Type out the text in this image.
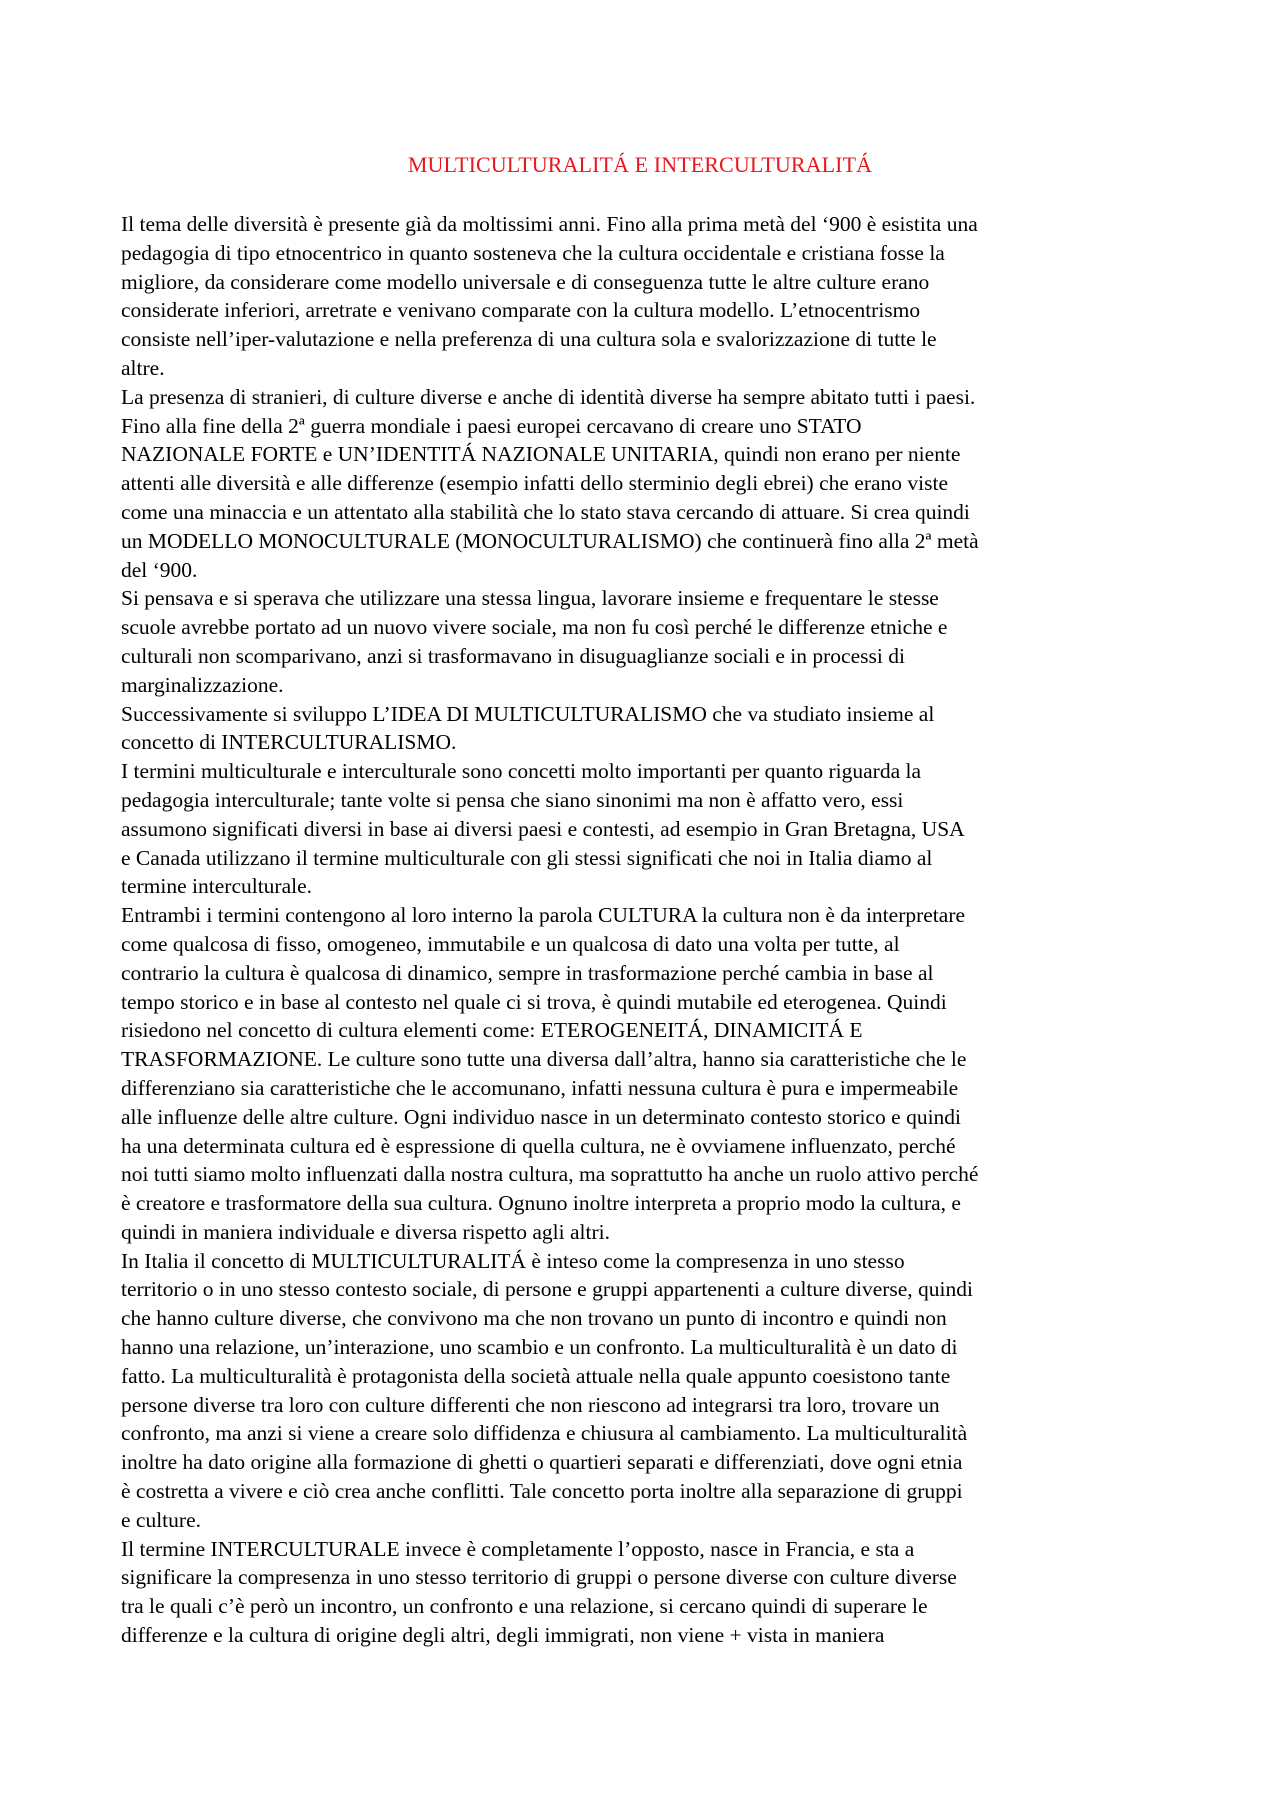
MULTICULTURALITÁ E INTERCULTURALITÁ
Il tema delle diversità è presente già da moltissimi anni. Fino alla prima metà del ‘900 è esistita una
pedagogia di tipo etnocentrico in quanto sosteneva che la cultura occidentale e cristiana fosse la
migliore, da considerare come modello universale e di conseguenza tutte le altre culture erano
considerate inferiori, arretrate e venivano comparate con la cultura modello. L’etnocentrismo
consiste nell’iper-valutazione e nella preferenza di una cultura sola e svalorizzazione di tutte le
altre.
La presenza di stranieri, di culture diverse e anche di identità diverse ha sempre abitato tutti i paesi.
Fino alla fine della 2ª guerra mondiale i paesi europei cercavano di creare uno STATO
NAZIONALE FORTE e UN’IDENTITÁ NAZIONALE UNITARIA, quindi non erano per niente
attenti alle diversità e alle differenze (esempio infatti dello sterminio degli ebrei) che erano viste
come una minaccia e un attentato alla stabilità che lo stato stava cercando di attuare. Si crea quindi
un MODELLO MONOCULTURALE (MONOCULTURALISMO) che continuerà fino alla 2ª metà
del ‘900.
Si pensava e si sperava che utilizzare una stessa lingua, lavorare insieme e frequentare le stesse
scuole avrebbe portato ad un nuovo vivere sociale, ma non fu così perché le differenze etniche e
culturali non scomparivano, anzi si trasformavano in disuguaglianze sociali e in processi di
marginalizzazione.
Successivamente si sviluppo L’IDEA DI MULTICULTURALISMO che va studiato insieme al
concetto di INTERCULTURALISMO.
I termini multiculturale e interculturale sono concetti molto importanti per quanto riguarda la
pedagogia interculturale; tante volte si pensa che siano sinonimi ma non è affatto vero, essi
assumono significati diversi in base ai diversi paesi e contesti, ad esempio in Gran Bretagna, USA
e Canada utilizzano il termine multiculturale con gli stessi significati che noi in Italia diamo al
termine interculturale.
Entrambi i termini contengono al loro interno la parola CULTURA la cultura non è da interpretare
come qualcosa di fisso, omogeneo, immutabile e un qualcosa di dato una volta per tutte, al
contrario la cultura è qualcosa di dinamico, sempre in trasformazione perché cambia in base al
tempo storico e in base al contesto nel quale ci si trova, è quindi mutabile ed eterogenea. Quindi
risiedono nel concetto di cultura elementi come: ETEROGENEITÁ, DINAMICITÁ E
TRASFORMAZIONE. Le culture sono tutte una diversa dall’altra, hanno sia caratteristiche che le
differenziano sia caratteristiche che le accomunano, infatti nessuna cultura è pura e impermeabile
alle influenze delle altre culture. Ogni individuo nasce in un determinato contesto storico e quindi
ha una determinata cultura ed è espressione di quella cultura, ne è ovviamene influenzato, perché
noi tutti siamo molto influenzati dalla nostra cultura, ma soprattutto ha anche un ruolo attivo perché
è creatore e trasformatore della sua cultura. Ognuno inoltre interpreta a proprio modo la cultura, e
quindi in maniera individuale e diversa rispetto agli altri.
In Italia il concetto di MULTICULTURALITÁ è inteso come la compresenza in uno stesso
territorio o in uno stesso contesto sociale, di persone e gruppi appartenenti a culture diverse, quindi
che hanno culture diverse, che convivono ma che non trovano un punto di incontro e quindi non
hanno una relazione, un’interazione, uno scambio e un confronto. La multiculturalità è un dato di
fatto. La multiculturalità è protagonista della società attuale nella quale appunto coesistono tante
persone diverse tra loro con culture differenti che non riescono ad integrarsi tra loro, trovare un
confronto, ma anzi si viene a creare solo diffidenza e chiusura al cambiamento. La multiculturalità
inoltre ha dato origine alla formazione di ghetti o quartieri separati e differenziati, dove ogni etnia
è costretta a vivere e ciò crea anche conflitti. Tale concetto porta inoltre alla separazione di gruppi
e culture.
Il termine INTERCULTURALE invece è completamente l’opposto, nasce in Francia, e sta a
significare la compresenza in uno stesso territorio di gruppi o persone diverse con culture diverse
tra le quali c’è però un incontro, un confronto e una relazione, si cercano quindi di superare le
differenze e la cultura di origine degli altri, degli immigrati, non viene + vista in maniera
